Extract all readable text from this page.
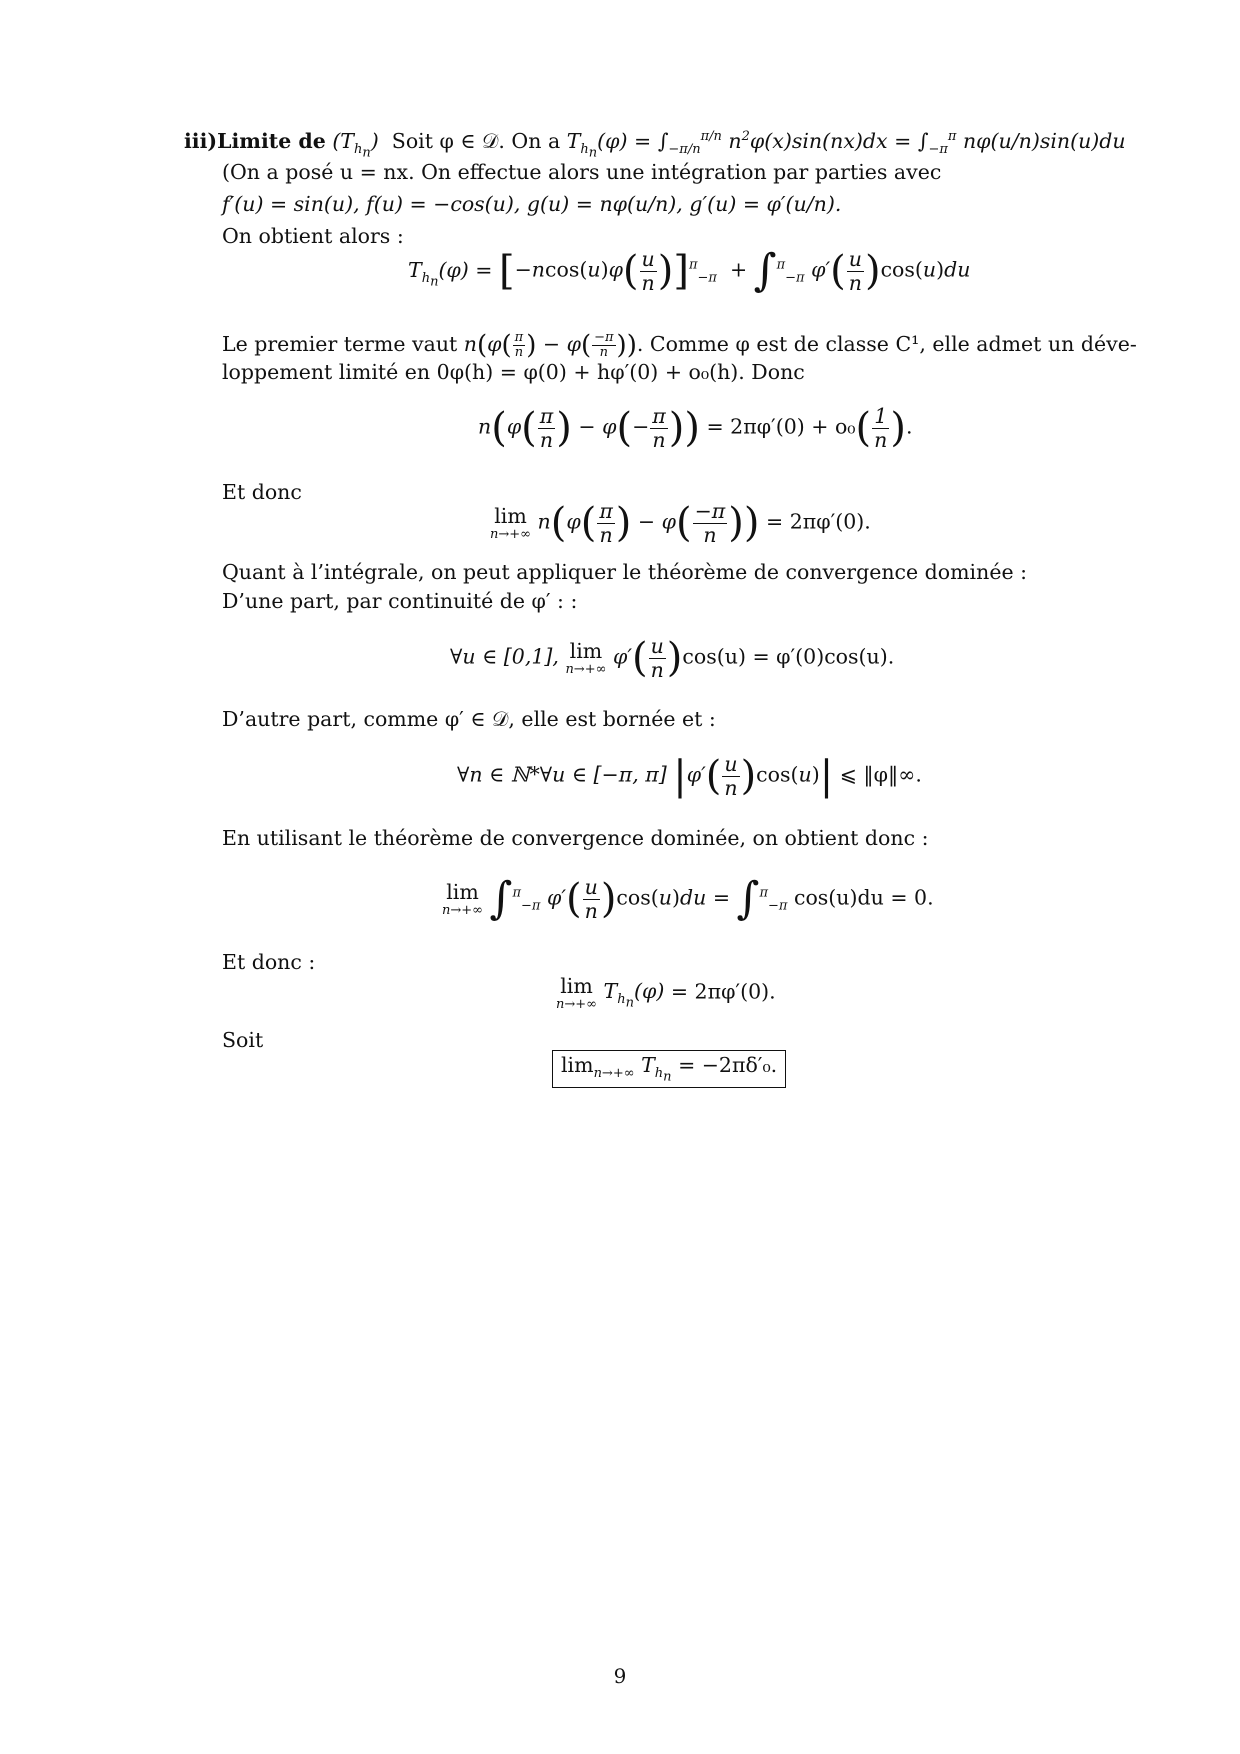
iii)Limite de $(T_{h_n})$ Soit φ ∈ 𝒟. On a $T_{h_n}(\varphi) = \int_{-\pi/n}^{\pi/n}$ $n^2\varphi(x)\sin(nx)dx = \int_{-\pi}^\pi$ nφ(u/n)sin(u)du
(On a posé u = nx. On effectue alors une intégration par parties avec
f′(u) = sin(u), f(u) = −cos(u), g(u) = nφ(u/n), g′(u) = φ′(u/n).
On obtient alors :
$T_{h_n}(\varphi) = [-ncos(u)\varphi( \frac{u}{n} )]^\pi_{-\pi} + \int^\pi_{-\pi}$ $\varphi'( \frac{u}{n} )\cos(u)du$
Le premier terme vaut $n(\varphi( \frac{\pi}{n}$ ) − $\varphi( \frac{-\pi}{n}$ )). Comme φ est de classe C¹, elle admet un déve-
loppement limité en 0φ(h) = φ(0) + hφ′(0) + o₀(h). Donc
$n(\varphi( \frac{\pi}{n}$ ) − $\varphi(- \frac{\pi}{n}$ )) = $2\pi\varphi'(0) + o_0( \frac{1}{n}$ ).
Et donc
lim
n→+∞
$n(\varphi( \frac{\pi}{n}$ ) − $\varphi( \frac{-\pi}{n}$ )) = 2πφ′(0).
Quant à l’intégrale, on peut appliquer le théorème de convergence dominée :
D’une part, par continuité de φ′ : :
∀u ∈ [0,1], lim
n→+∞
$\varphi'( \frac{u}{n} )\cos(u) = \varphi'(0)\cos(u)$.
D’autre part, comme φ′ ∈ 𝒟, elle est bornée et :
∀n ∈ ℕ*∀u ∈ [−π, π] $|\varphi'( \frac{u}{n} )\cos(u)|$ ⩽ ‖φ‖∞.
En utilisant le théorème de convergence dominée, on obtient donc :
lim
n→+∞ ∫$^\pi_{-\pi}$ $\varphi'( \frac{u}{n} )\cos(u)du = \int^\pi_{-\pi}$ cos(u)du = 0.
Et donc :
lim
n→+∞
$T_{h_n}(\varphi) = 2\pi\varphi'(0)$.
Soit
$\lim_{n\to+\infty} T_{h_n} = -2\pi\delta'_0$.
9
